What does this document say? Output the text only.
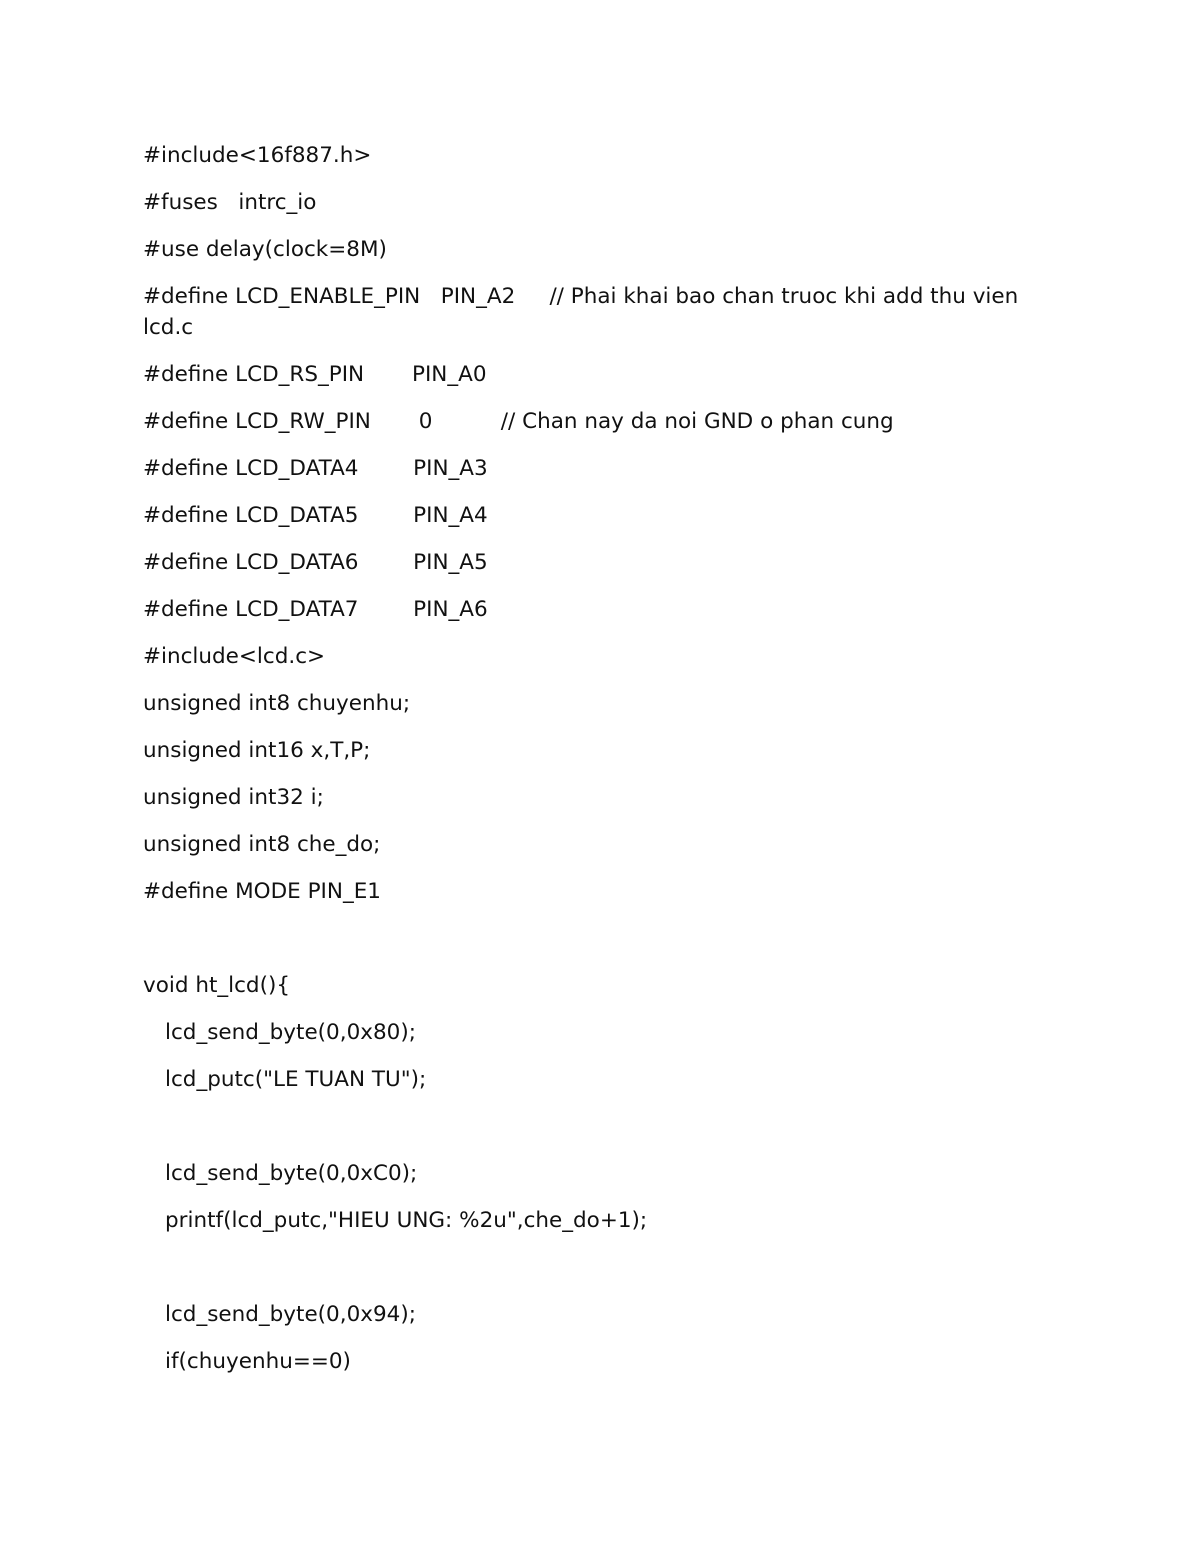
#include<16f887.h>
#fuses   intrc_io
#use delay(clock=8M)
#define LCD_ENABLE_PIN   PIN_A2     // Phai khai bao chan truoc khi add thu vien lcd.c
#define LCD_RS_PIN       PIN_A0
#define LCD_RW_PIN       0          // Chan nay da noi GND o phan cung
#define LCD_DATA4        PIN_A3
#define LCD_DATA5        PIN_A4
#define LCD_DATA6        PIN_A5
#define LCD_DATA7        PIN_A6
#include<lcd.c>
unsigned int8 chuyenhu;
unsigned int16 x,T,P;
unsigned int32 i;
unsigned int8 che_do;
#define MODE PIN_E1
void ht_lcd(){
lcd_send_byte(0,0x80);
lcd_putc("LE TUAN TU");
lcd_send_byte(0,0xC0);
printf(lcd_putc,"HIEU UNG: %2u",che_do+1);
lcd_send_byte(0,0x94);
if(chuyenhu==0)
